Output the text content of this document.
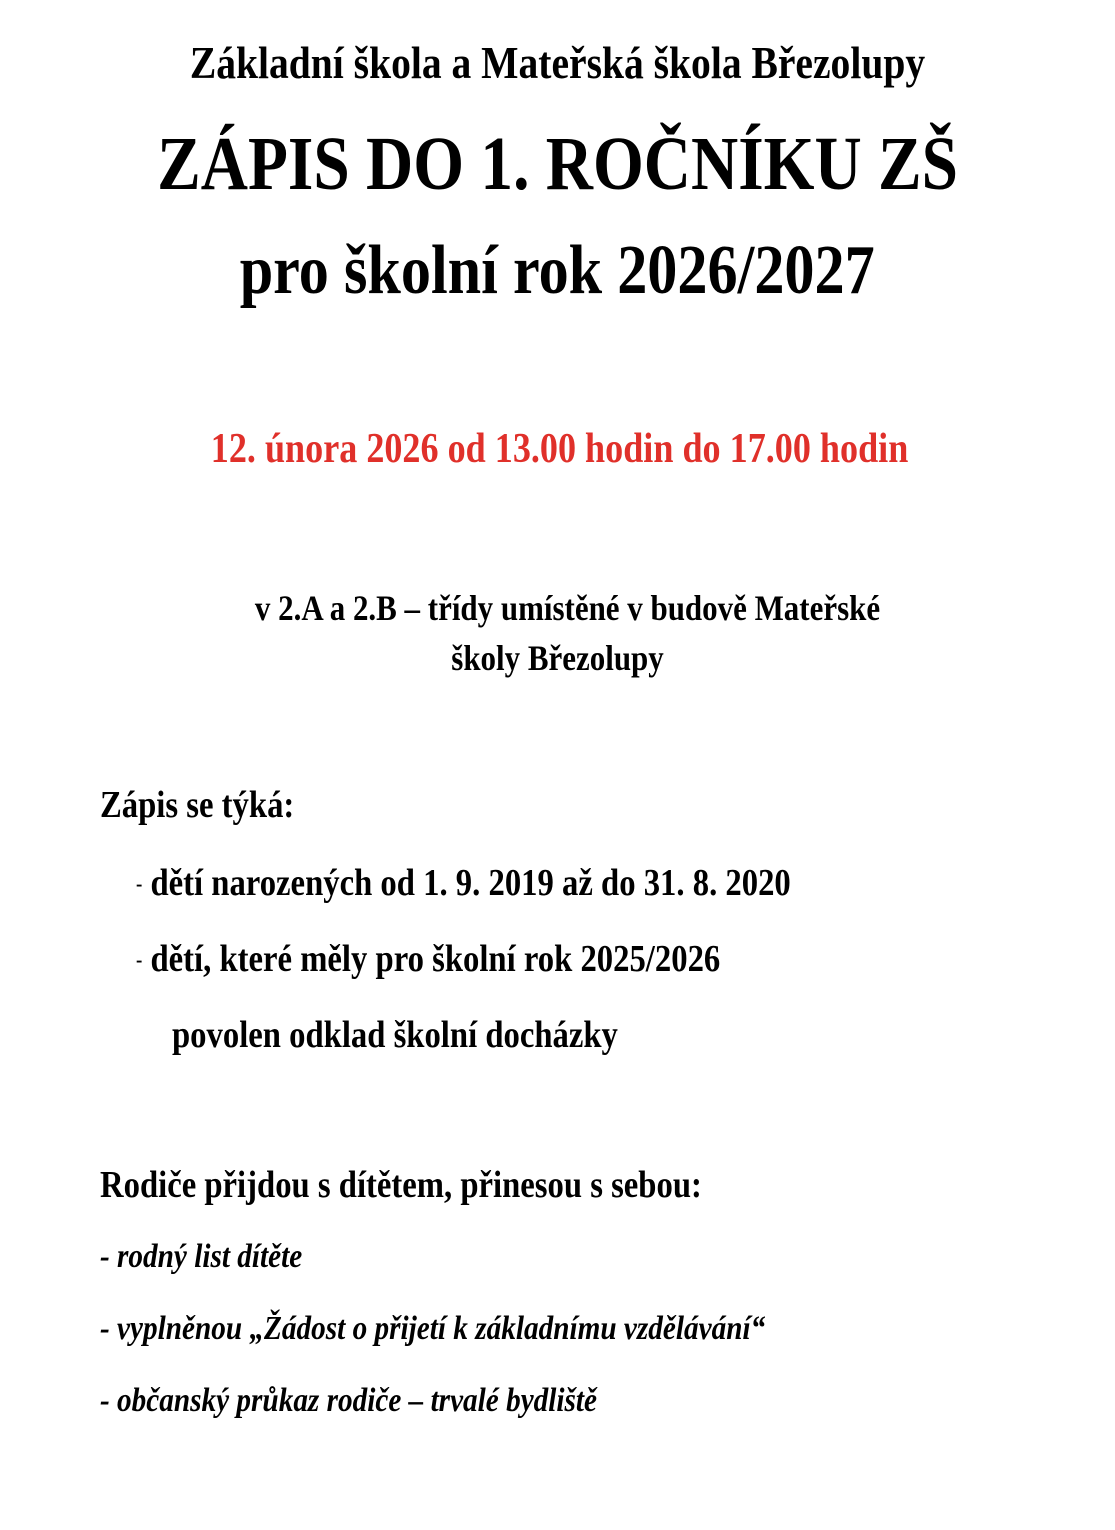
Základní škola a Mateřská škola Březolupy
ZÁPIS DO 1. ROČNÍKU ZŠ
pro školní rok 2026/2027
12. února 2026 od 13.00 hodin do 17.00 hodin
v 2.A a 2.B – třídy umístěné v budově Mateřské
školy Březolupy
Zápis se týká:
- dětí narozených od 1. 9. 2019 až do 31. 8. 2020
- dětí, které měly pro školní rok 2025/2026
povolen odklad školní docházky
Rodiče přijdou s dítětem, přinesou s sebou:
- rodný list dítěte
- vyplněnou „Žádost o přijetí k základnímu vzdělávání“
- občanský průkaz rodiče – trvalé bydliště
